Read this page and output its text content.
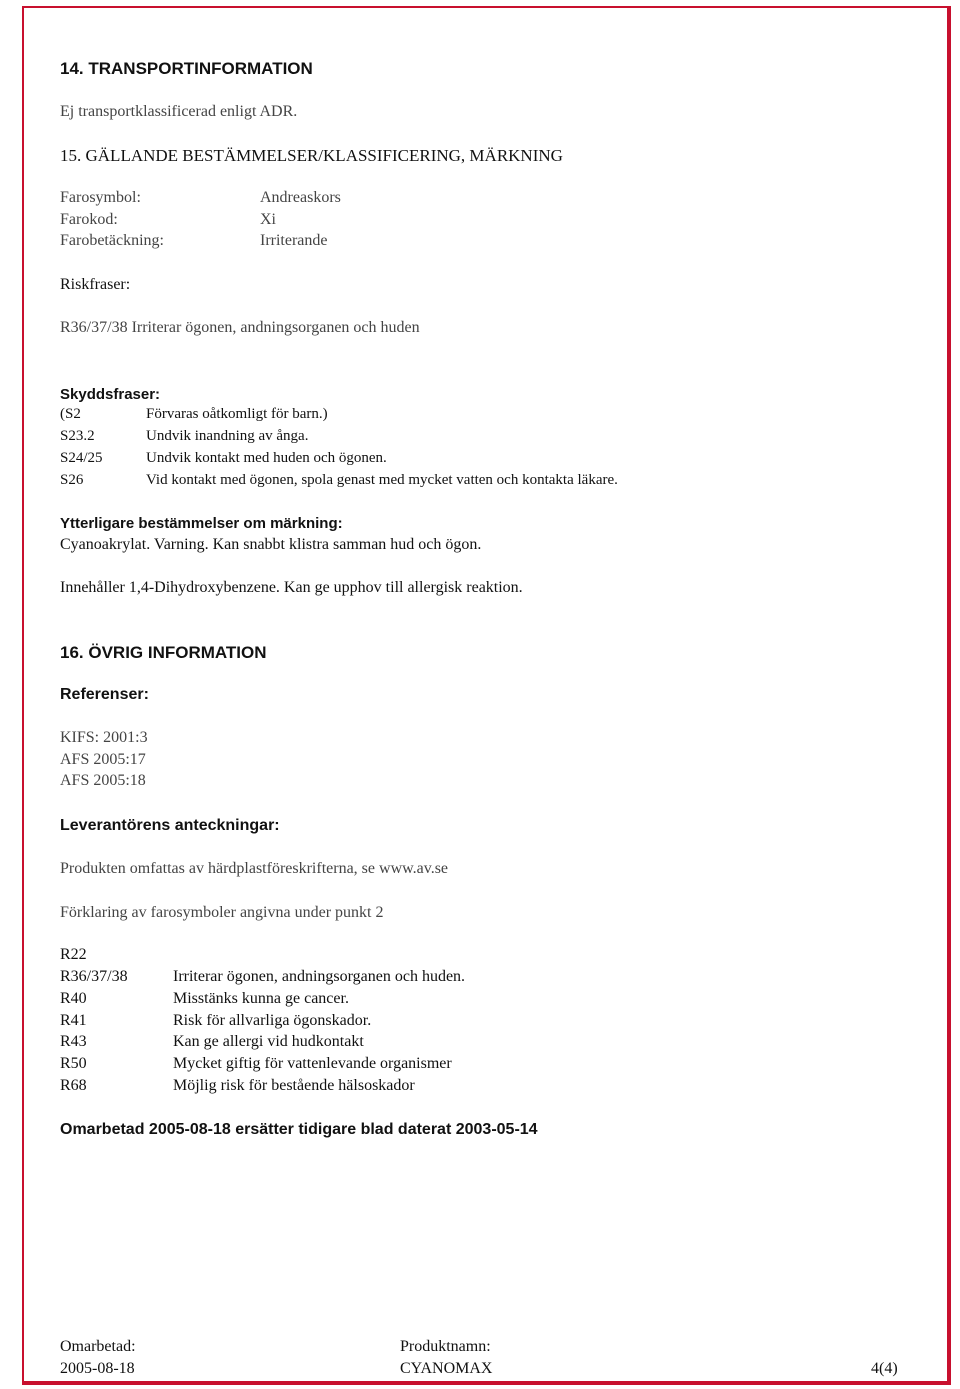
14. TRANSPORTINFORMATION
Ej transportklassificerad enligt ADR.
15. GÄLLANDE BESTÄMMELSER/KLASSIFICERING, MÄRKNING
Farosymbol:	Andreaskors
Farokod:	Xi
Farobetäckning:	Irriterande
Riskfraser:
R36/37/38 Irriterar ögonen, andningsorganen och huden
Skyddsfraser:
(S2	Förvaras oåtkomligt för barn.)
S23.2	Undvik inandning av ånga.
S24/25	Undvik kontakt med huden och ögonen.
S26	Vid kontakt med ögonen, spola genast med mycket vatten och kontakta läkare.
Ytterligare bestämmelser om märkning:
Cyanoakrylat. Varning. Kan snabbt klistra samman hud och ögon.
Innehåller 1,4-Dihydroxybenzene. Kan ge upphov till allergisk reaktion.
16. ÖVRIG INFORMATION
Referenser:
KIFS: 2001:3
AFS 2005:17
AFS 2005:18
Leverantörens anteckningar:
Produkten omfattas av härdplastföreskrifterna, se www.av.se
Förklaring av farosymboler angivna under punkt 2
R22
R36/37/38	Irriterar ögonen, andningsorganen och huden.
R40	Misstänks kunna ge cancer.
R41	Risk för allvarliga ögonskador.
R43	Kan ge allergi vid hudkontakt
R50	Mycket giftig för vattenlevande organismer
R68	Möjlig risk för bestående hälsoskador
Omarbetad 2005-08-18 ersätter tidigare blad daterat 2003-05-14
Omarbetad:
2005-08-18
Produktnamn:
CYANOMAX	4(4)
